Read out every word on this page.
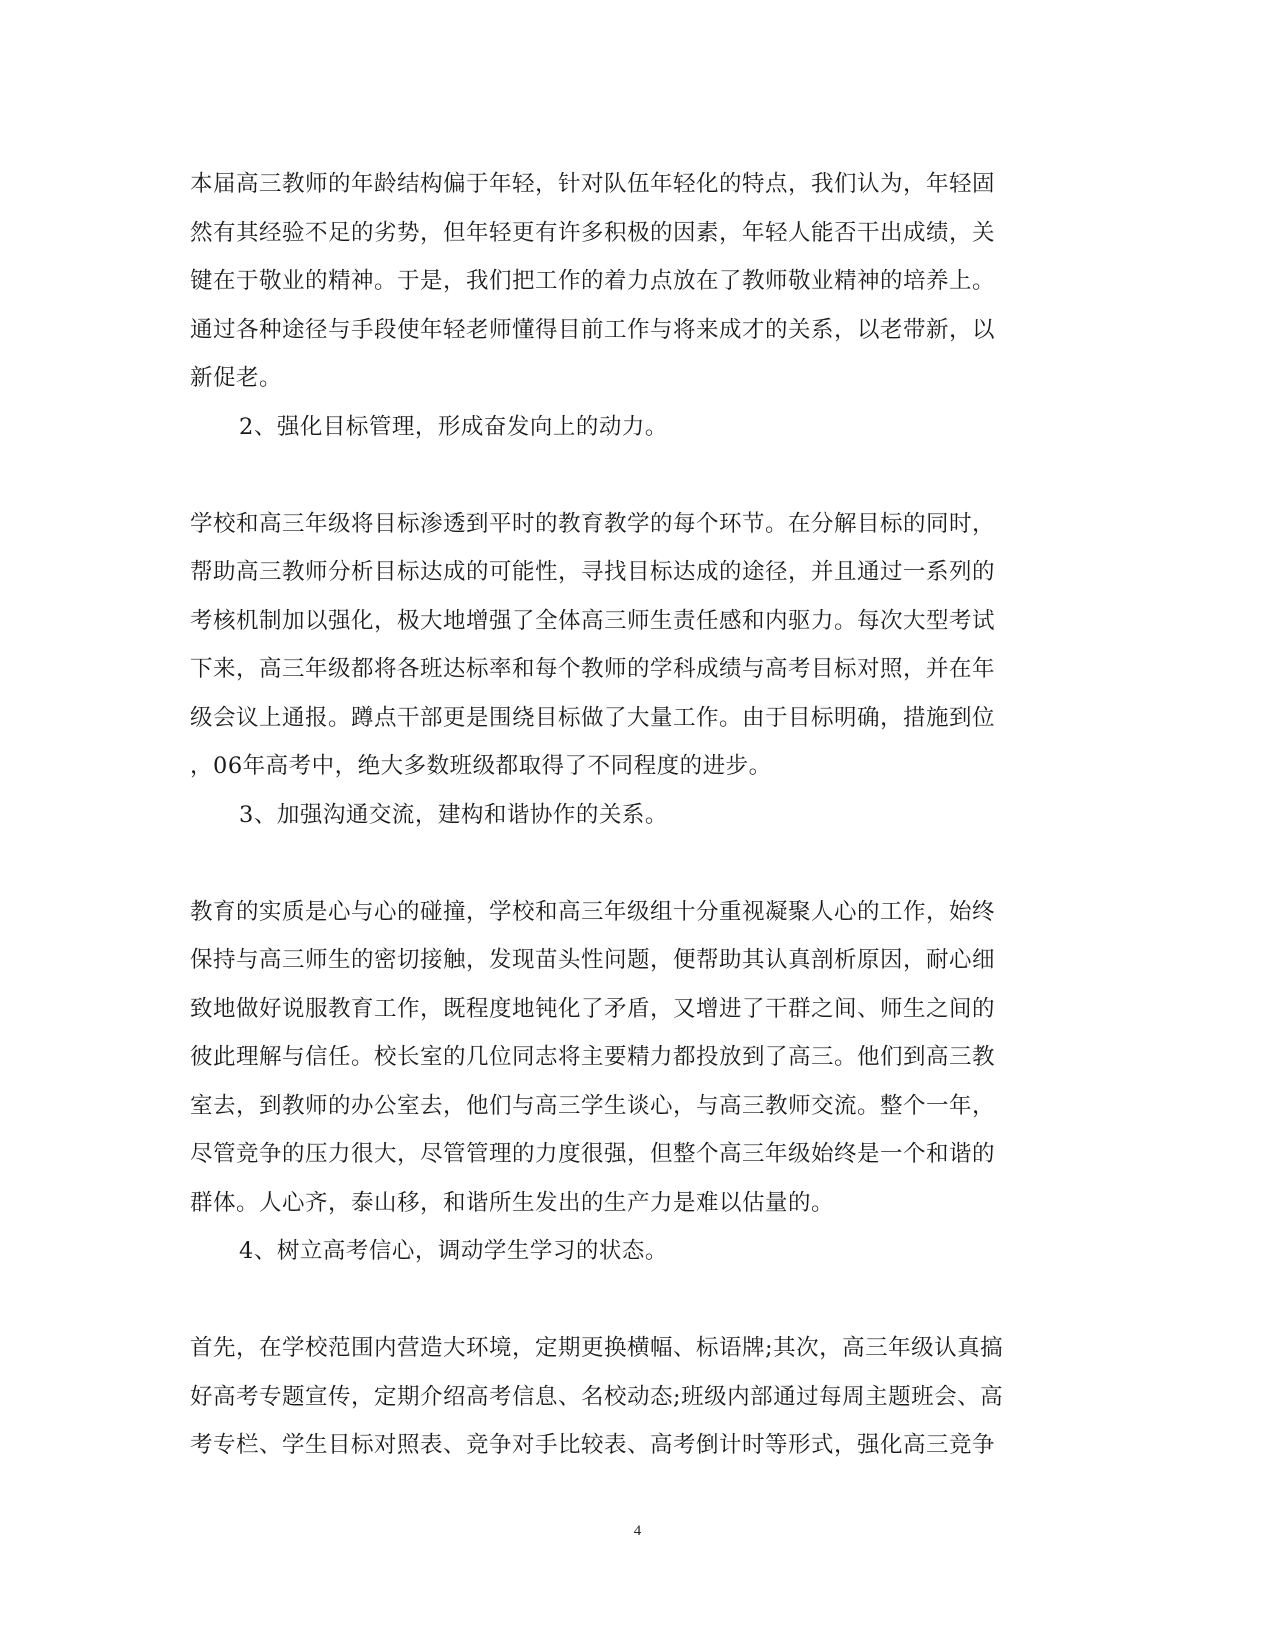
本届高三教师的年龄结构偏于年轻，针对队伍年轻化的特点，我们认为，年轻固
然有其经验不足的劣势，但年轻更有许多积极的因素，年轻人能否干出成绩，关
键在于敬业的精神。于是，我们把工作的着力点放在了教师敬业精神的培养上。
通过各种途径与手段使年轻老师懂得目前工作与将来成才的关系，以老带新，以
新促老。
2、强化目标管理，形成奋发向上的动力。
学校和高三年级将目标渗透到平时的教育教学的每个环节。在分解目标的同时，
帮助高三教师分析目标达成的可能性，寻找目标达成的途径，并且通过一系列的
考核机制加以强化，极大地增强了全体高三师生责任感和内驱力。每次大型考试
下来，高三年级都将各班达标率和每个教师的学科成绩与高考目标对照，并在年
级会议上通报。蹲点干部更是围绕目标做了大量工作。由于目标明确，措施到位
，06年高考中，绝大多数班级都取得了不同程度的进步。
3、加强沟通交流，建构和谐协作的关系。
教育的实质是心与心的碰撞，学校和高三年级组十分重视凝聚人心的工作，始终
保持与高三师生的密切接触，发现苗头性问题，便帮助其认真剖析原因，耐心细
致地做好说服教育工作，既程度地钝化了矛盾，又增进了干群之间、师生之间的
彼此理解与信任。校长室的几位同志将主要精力都投放到了高三。他们到高三教
室去，到教师的办公室去，他们与高三学生谈心，与高三教师交流。整个一年，
尽管竞争的压力很大，尽管管理的力度很强，但整个高三年级始终是一个和谐的
群体。人心齐，泰山移，和谐所生发出的生产力是难以估量的。
4、树立高考信心，调动学生学习的状态。
首先，在学校范围内营造大环境，定期更换横幅、标语牌;其次，高三年级认真搞
好高考专题宣传，定期介绍高考信息、名校动态;班级内部通过每周主题班会、高
考专栏、学生目标对照表、竞争对手比较表、高考倒计时等形式，强化高三竞争
4
